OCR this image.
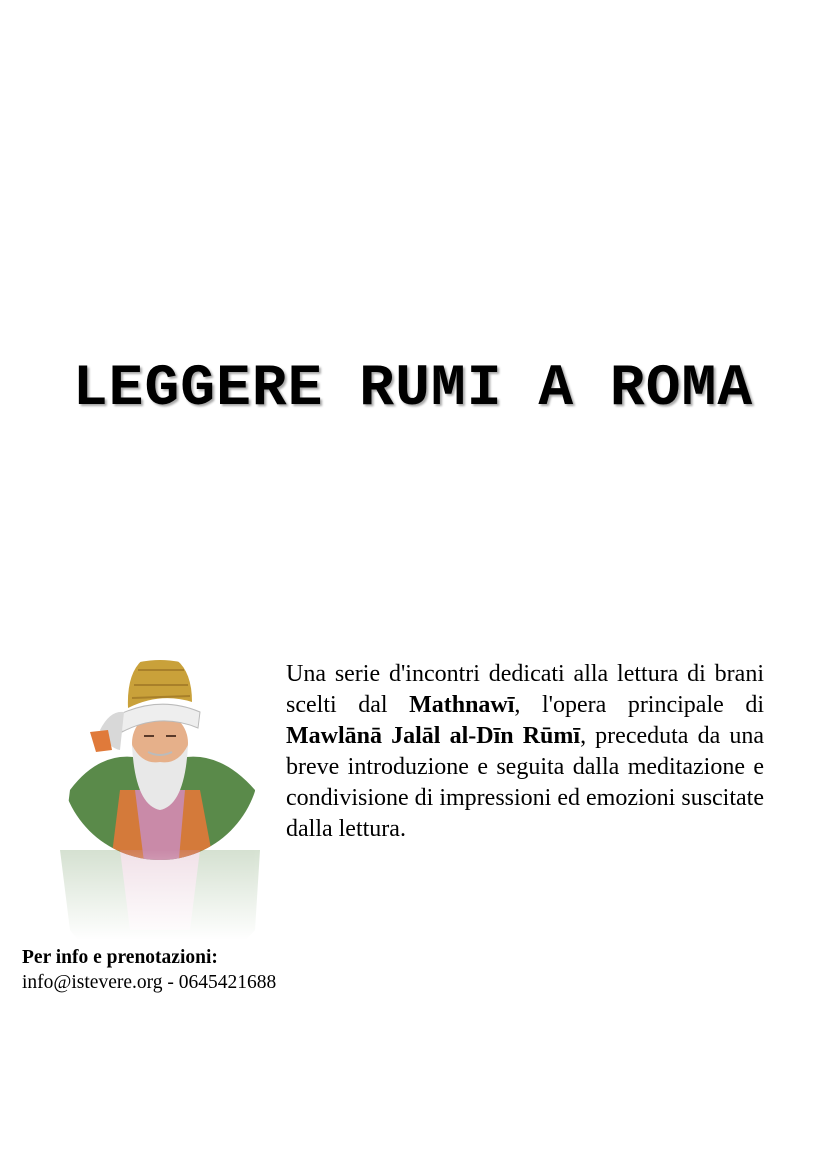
LEGGERE RUMI A ROMA

Una serie d'incontri dedicati alla lettura di brani scelti dal Mathnawī, l'opera principale di Mawlānā Jalāl al-Dīn Rūmī, preceduta da una breve introduzione e seguita dalla meditazione e condivisione di impressioni ed emozioni suscitate dalla lettura.

Per info e prenotazioni:
info@istevere.org - 0645421688
